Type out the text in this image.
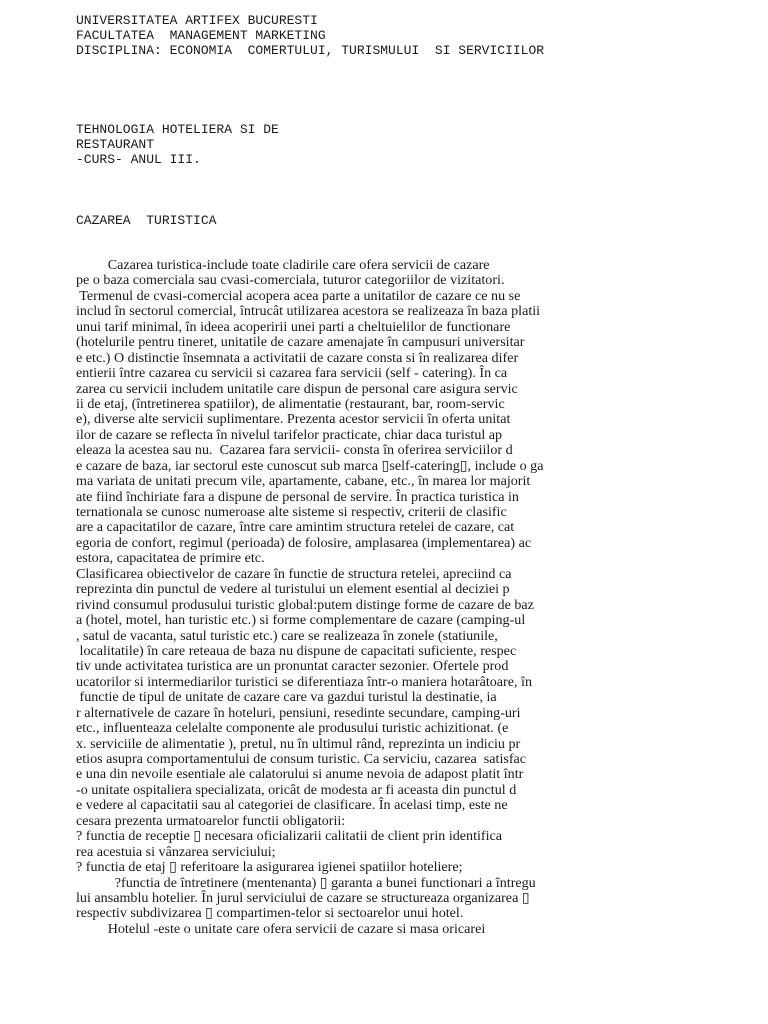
UNIVERSITATEA ARTIFEX BUCURESTI
FACULTATEA  MANAGEMENT MARKETING
DISCIPLINA: ECONOMIA  COMERTULUI, TURISMULUI  SI SERVICIILOR
TEHNOLOGIA HOTELIERA SI DE
RESTAURANT
-CURS- ANUL III.
CAZAREA  TURISTICA
Cazarea turistica-include toate cladirile care ofera servicii de cazare
pe o baza comerciala sau cvasi-comerciala, tuturor categoriilor de vizitatori.
Termenul de cvasi-comercial acopera acea parte a unitatilor de cazare ce nu se
includ în sectorul comercial, întrucât utilizarea acestora se realizeaza în baza platii
unui tarif minimal, în ideea acoperirii unei parti a cheltuielilor de functionare
(hotelurile pentru tineret, unitatile de cazare amenajate în campusuri universitar
e etc.) O distinctie însemnata a activitatii de cazare consta si în realizarea difer
entierii între cazarea cu servicii si cazarea fara servicii (self - catering). În ca
zarea cu servicii includem unitatile care dispun de personal care asigura servic
ii de etaj, (întretinerea spatiilor), de alimentatie (restaurant, bar, room-servic
e), diverse alte servicii suplimentare. Prezenta acestor servicii în oferta unitat
ilor de cazare se reflecta în nivelul tarifelor practicate, chiar daca turistul ap
eleaza la acestea sau nu.  Cazarea fara servicii- consta în oferirea serviciilor d
e cazare de baza, iar sectorul este cunoscut sub marca ▯self-catering▯, include o ga
ma variata de unitati precum vile, apartamente, cabane, etc., în marea lor majorit
ate fiind închiriate fara a dispune de personal de servire. În practica turistica in
ternationala se cunosc numeroase alte sisteme si respectiv, criterii de clasific
are a capacitatilor de cazare, între care amintim structura retelei de cazare, cat
egoria de confort, regimul (perioada) de folosire, amplasarea (implementarea) ac
estora, capacitatea de primire etc.
Clasificarea obiectivelor de cazare în functie de structura retelei, apreciind ca
reprezinta din punctul de vedere al turistului un element esential al deciziei p
rivind consumul produsului turistic global:putem distinge forme de cazare de baz
a (hotel, motel, han turistic etc.) si forme complementare de cazare (camping-ul
, satul de vacanta, satul turistic etc.) care se realizeaza în zonele (statiunile,
localitatile) în care reteaua de baza nu dispune de capacitati suficiente, respec
tiv unde activitatea turistica are un pronuntat caracter sezonier. Ofertele prod
ucatorilor si intermediarilor turistici se diferentiaza într-o maniera hotarâtoare, în
functie de tipul de unitate de cazare care va gazdui turistul la destinatie, ia
r alternativele de cazare în hoteluri, pensiuni, resedinte secundare, camping-uri
etc., influenteaza celelalte componente ale produsului turistic achizitionat. (e
x. serviciile de alimentatie ), pretul, nu în ultimul rând, reprezinta un indiciu pr
etios asupra comportamentului de consum turistic. Ca serviciu, cazarea  satisfac
e una din nevoile esentiale ale calatorului si anume nevoia de adapost platit într
-o unitate ospitaliera specializata, oricât de modesta ar fi aceasta din punctul d
e vedere al capacitatii sau al categoriei de clasificare. În acelasi timp, este ne
cesara prezenta urmatoarelor functii obligatorii:
? functia de receptie ▯ necesara oficializarii calitatii de client prin identifica
rea acestuia si vânzarea serviciului;
? functia de etaj ▯ referitoare la asigurarea igienei spatiilor hoteliere;
?functia de întretinere (mentenanta) ▯ garanta a bunei functionari a întregu
lui ansamblu hotelier. În jurul serviciului de cazare se structureaza organizarea ▯
respectiv subdivizarea ▯ compartimen-telor si sectoarelor unui hotel.
Hotelul -este o unitate care ofera servicii de cazare si masa oricarei
